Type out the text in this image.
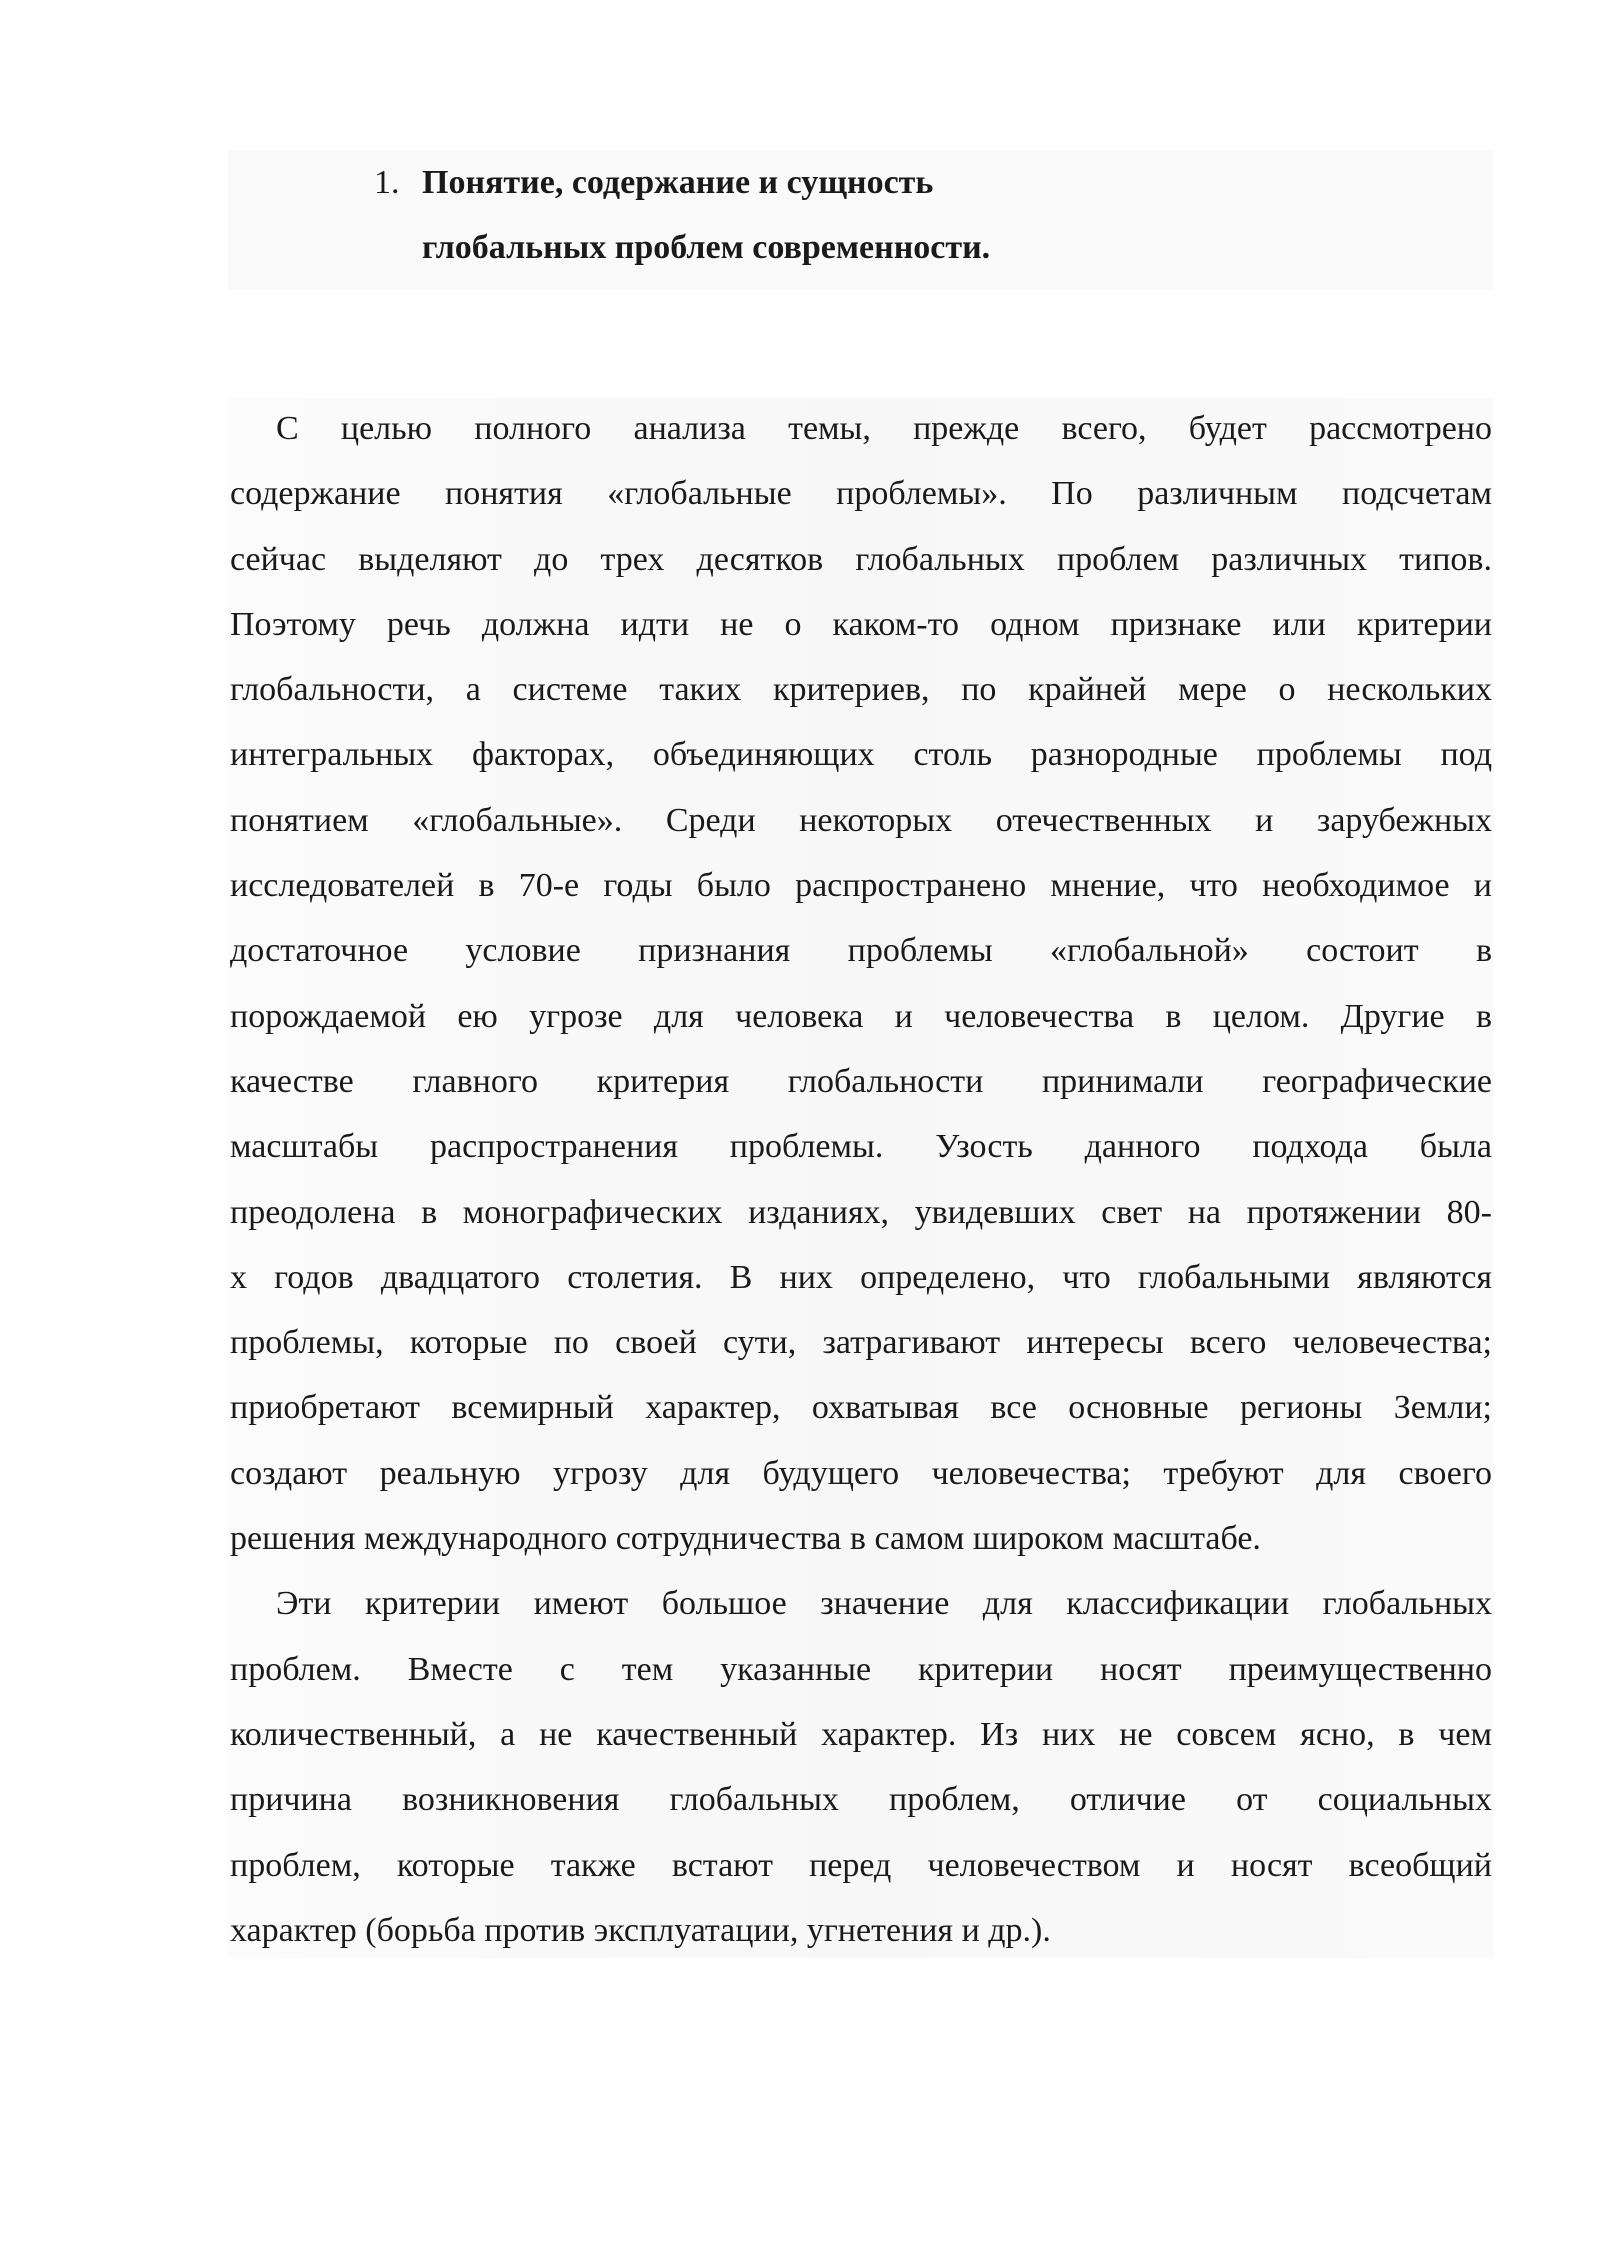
1. Понятие, содержание и сущность
глобальных проблем современности.
С целью полного анализа темы, прежде всего, будет рассмотрено
содержание понятия «глобальные проблемы». По различным подсчетам
сейчас выделяют до трех десятков глобальных проблем различных типов.
Поэтому речь должна идти не о каком-то одном признаке или критерии
глобальности, а системе таких критериев, по крайней мере о нескольких
интегральных факторах, объединяющих столь разнородные проблемы под
понятием «глобальные». Среди некоторых отечественных и зарубежных
исследователей в 70-е годы было распространено мнение, что необходимое и
достаточное условие признания проблемы «глобальной» состоит в
порождаемой ею угрозе для человека и человечества в целом. Другие в
качестве главного критерия глобальности принимали географические
масштабы распространения проблемы. Узость данного подхода была
преодолена в монографических изданиях, увидевших свет на протяжении 80-
х годов двадцатого столетия. В них определено, что глобальными являются
проблемы, которые по своей сути, затрагивают интересы всего человечества;
приобретают всемирный характер, охватывая все основные регионы Земли;
создают реальную угрозу для будущего человечества; требуют для своего
решения международного сотрудничества в самом широком масштабе.
Эти критерии имеют большое значение для классификации глобальных
проблем. Вместе с тем указанные критерии носят преимущественно
количественный, а не качественный характер. Из них не совсем ясно, в чем
причина возникновения глобальных проблем, отличие от социальных
проблем, которые также встают перед человечеством и носят всеобщий
характер (борьба против эксплуатации, угнетения и др.).
